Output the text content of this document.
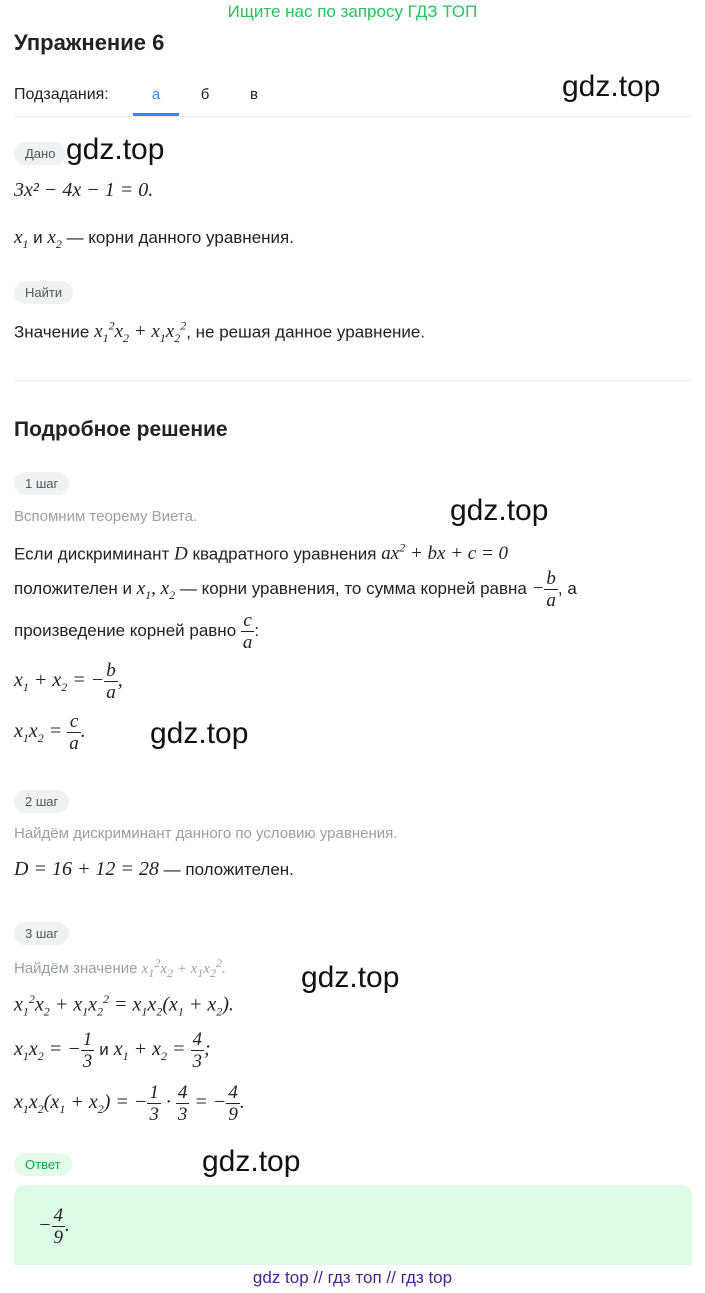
Ищите нас по запросу ГДЗ ТОП
Упражнение 6
Подзадания:	а	б	в	gdz.top
Дано gdz.top
3x² − 4x − 1 = 0.
$x_1$ и $x_2$ — корни данного уравнения.
Найти
Значение $x_1^2x_2 + x_1x_2^2$, не решая данное уравнение.
Подробное решение
1 шаг
Вспомним теорему Виета.	gdz.top
Если дискриминант D квадратного уравнения $ax^2$ + bx + c = 0
положителен и $x_1$, $x_2$ — корни уравнения, то сумма корней равна − $\frac{b}{a}$ , а
произведение корней равно $\frac{c}{a}$ :
$x_1 + x_2$ = − $\frac{b}{a}$ ,
$x_1x_2 = \frac{c}{a}$ . gdz.top
2 шаг
Найдём дискриминант данного по условию уравнения.
D = 16 + 12 = 28 — положителен.
3 шаг
Найдём значение $x_1^2x_2 + x_1x_2^2$.	gdz.top
$x_1^2x_2 + x_1x_2^2 = x_1x_2(x_1 + x_2)$.
$x_1x_2$ = − $\frac{1}{3}$ и $x_1 + x_2 = \frac{4}{3}$ ;
$x_1x_2(x_1 + x_2)$ = − $\frac{1}{3} \cdot \frac{4}{3}$ = − $\frac{4}{9}$ .
Ответ	gdz.top
− $\frac{4}{9}$ .
gdz top // гдз топ // гдз top
